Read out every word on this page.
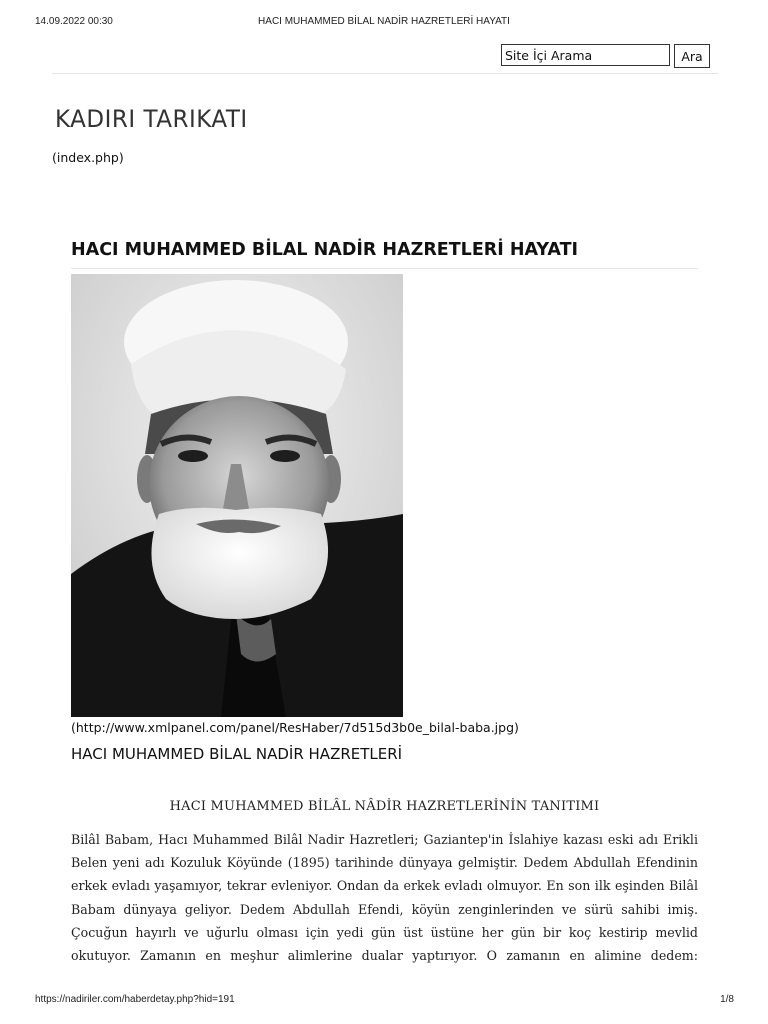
14.09.2022 00:30	HACI MUHAMMED BİLAL NADİR HAZRETLERİ HAYATI
Site İçi Arama
Ara
KADIRI TARIKATI
(index.php)
HACI MUHAMMED BİLAL NADİR HAZRETLERİ HAYATI
(http://www.xmlpanel.com/panel/ResHaber/7d515d3b0e_bilal-baba.jpg)
HACI MUHAMMED BİLAL NADİR HAZRETLERİ
HACI MUHAMMED BİLÂL NÂDİR HAZRETLERİNİN TANITIMI

Bilâl Babam, Hacı Muhammed Bilâl Nadir Hazretleri; Gaziantep'in İslahiye kazası eski adı Erikli Belen yeni adı Kozuluk Köyünde (1895) tarihinde dünyaya gelmiştir. Dedem Abdullah Efendinin erkek evladı yaşamıyor, tekrar evleniyor. Ondan da erkek evladı olmuyor. En son ilk eşinden Bilâl Babam dünyaya geliyor. Dedem Abdullah Efendi, köyün zenginlerinden ve sürü sahibi imiş. Çocuğun hayırlı ve uğurlu olması için yedi gün üst üstüne her gün bir koç kestirip mevlid okutuyor. Zamanın en meşhur alimlerine dualar yaptırıyor. O zamanın en alimine dedem:

https://nadiriler.com/haberdetay.php?hid=191	1/8
